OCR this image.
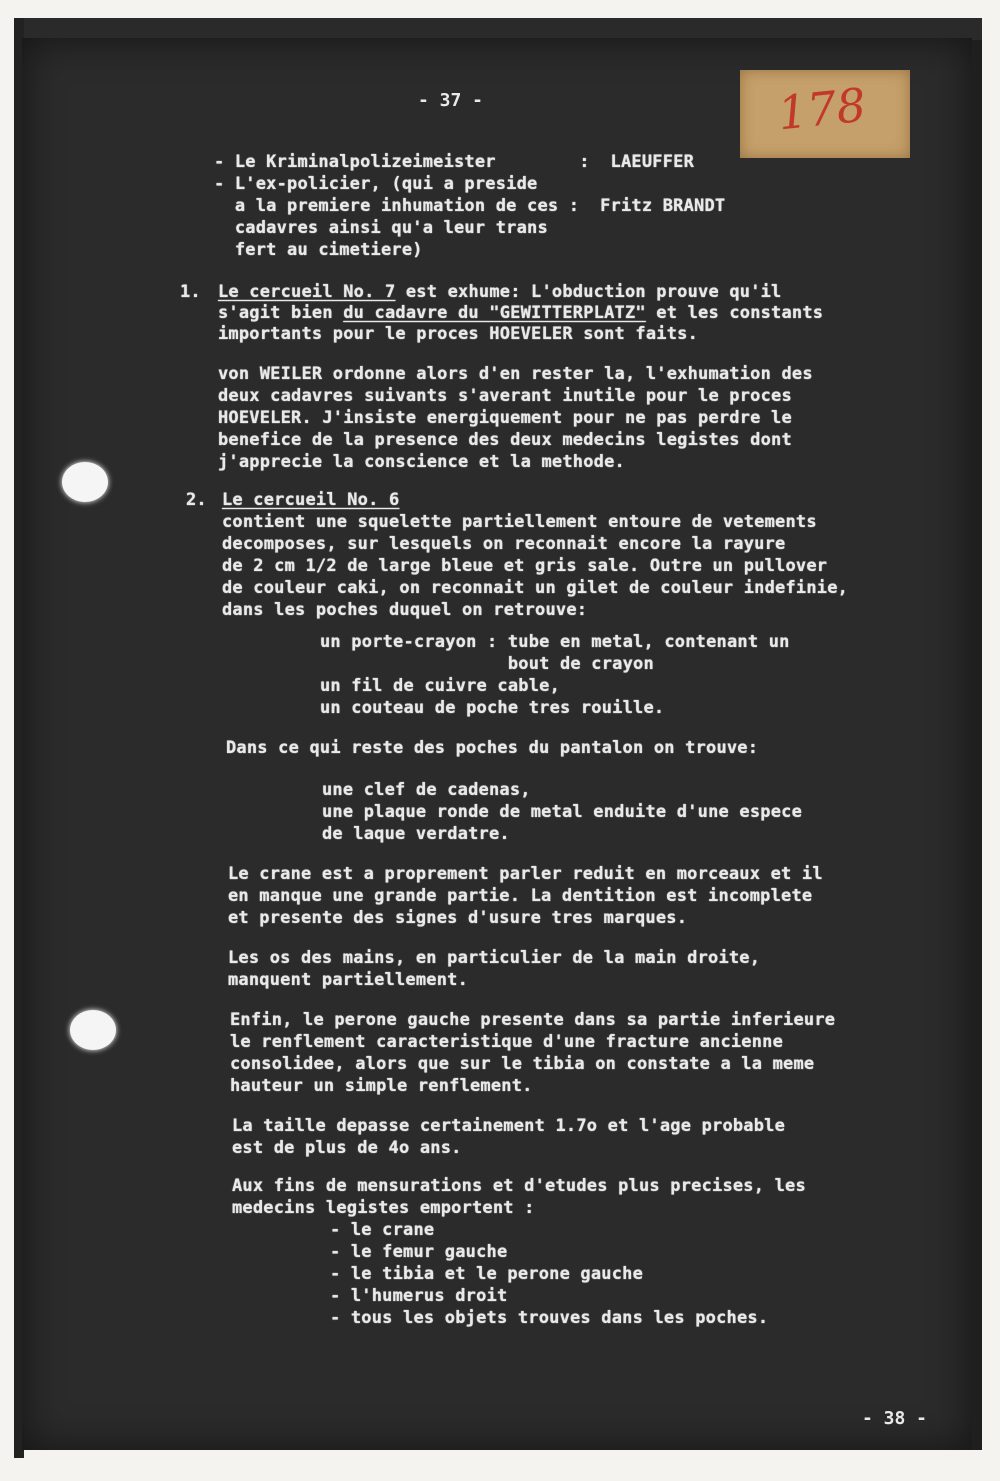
178
- 37 -
- Le Kriminalpolizeimeister        :  LAEUFFER
- L'ex-policier, (qui a preside
a la premiere inhumation de ces :  Fritz BRANDT
cadavres ainsi qu'a leur trans
fert au cimetiere)
1. Le cercueil No. 7 est exhume: L'obduction prouve qu'il
s'agit bien du cadavre du "GEWITTERPLATZ" et les constants
importants pour le proces HOEVELER sont faits.
von WEILER ordonne alors d'en rester la, l'exhumation des
deux cadavres suivants s'averant inutile pour le proces
HOEVELER. J'insiste energiquement pour ne pas perdre le
benefice de la presence des deux medecins legistes dont
j'apprecie la conscience et la methode.
2. Le cercueil No. 6
contient une squelette partiellement entoure de vetements
decomposes, sur lesquels on reconnait encore la rayure
de 2 cm 1/2 de large bleue et gris sale. Outre un pullover
de couleur caki, on reconnait un gilet de couleur indefinie,
dans les poches duquel on retrouve:
un porte-crayon : tube en metal, contenant un
bout de crayon
un fil de cuivre cable,
un couteau de poche tres rouille.
Dans ce qui reste des poches du pantalon on trouve:
une clef de cadenas,
une plaque ronde de metal enduite d'une espece
de laque verdatre.
Le crane est a proprement parler reduit en morceaux et il
en manque une grande partie. La dentition est incomplete
et presente des signes d'usure tres marques.
Les os des mains, en particulier de la main droite,
manquent partiellement.
Enfin, le perone gauche presente dans sa partie inferieure
le renflement caracteristique d'une fracture ancienne
consolidee, alors que sur le tibia on constate a la meme
hauteur un simple renflement.
La taille depasse certainement 1.7o et l'age probable
est de plus de 4o ans.
Aux fins de mensurations et d'etudes plus precises, les
medecins legistes emportent :
- le crane
- le femur gauche
- le tibia et le perone gauche
- l'humerus droit
- tous les objets trouves dans les poches.
- 38 -
